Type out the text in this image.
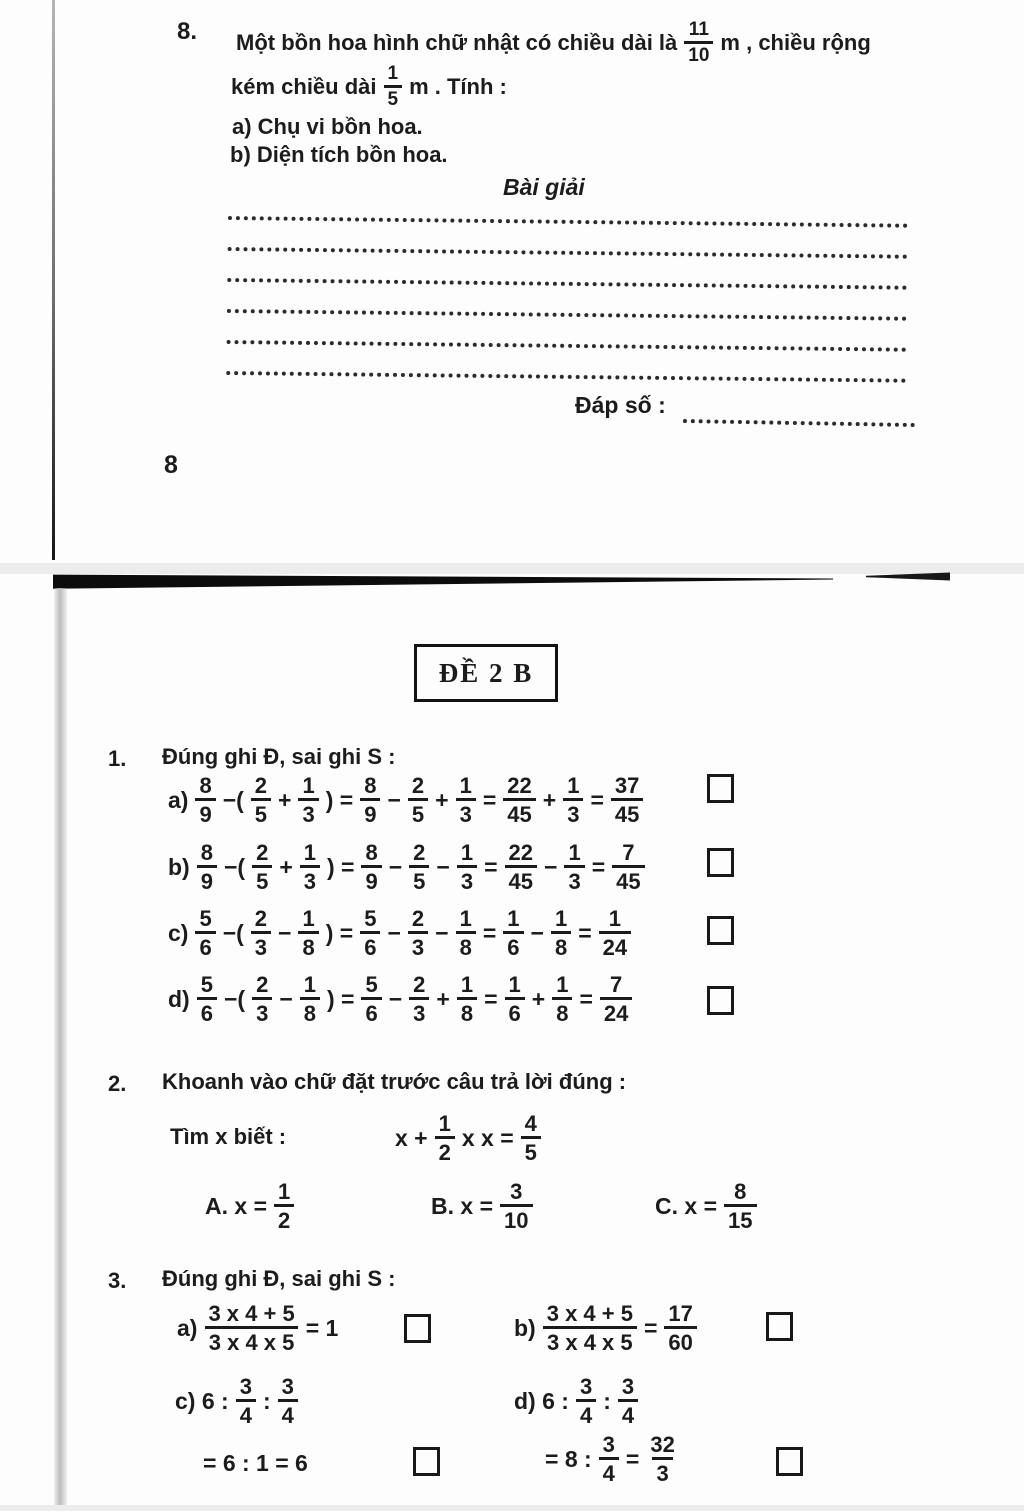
8. Một bồn hoa hình chữ nhật có chiều dài là $\frac{11}{10}$ m , chiều rộng
kém chiều dài $\frac{1}{5}$ m . Tính :
a) Chụ vi bồn hoa.
b) Diện tích bồn hoa.
Bài giải
Đáp số :
8
ĐỀ 2 B
1. Đúng ghi Đ, sai ghi S :
$a) \frac{8}{9}$ −( $\frac{2}{5} + \frac{1}{3}$ ) = $\frac{8}{9} - \frac{2}{5} + \frac{1}{3} = \frac{22}{45} + \frac{1}{3} = \frac{37}{45}$
$b) \frac{8}{9}$ −( $\frac{2}{5} + \frac{1}{3}$ ) = $\frac{8}{9} - \frac{2}{5} - \frac{1}{3} = \frac{22}{45} - \frac{1}{3} = \frac{7}{45}$
$c) \frac{5}{6}$ −( $\frac{2}{3} - \frac{1}{8}$ ) = $\frac{5}{6} - \frac{2}{3} - \frac{1}{8} = \frac{1}{6} - \frac{1}{8} = \frac{1}{24}$
$d) \frac{5}{6}$ −( $\frac{2}{3} - \frac{1}{8}$ ) = $\frac{5}{6} - \frac{2}{3} + \frac{1}{8} = \frac{1}{6} + \frac{1}{8} = \frac{7}{24}$
2. Khoanh vào chữ đặt trước câu trả lời đúng :
Tìm x biết :	$x + \frac{1}{2}$ x $x = \frac{4}{5}$
A. $x = \frac{1}{2}$	B. $x = \frac{3}{10}$	C. $x = \frac{8}{15}$
3. Đúng ghi Đ, sai ghi S :
$a) \frac{3 x 4 + 5}{3 x 4 x 5} = 1$	$b) \frac{3 x 4 + 5}{3 x 4 x 5} = \frac{17}{60}$
c) 6 : $\frac{3}{4}$ : $\frac{3}{4}$	d) 6 : $\frac{3}{4}$ : $\frac{3}{4}$
= 6 : 1 = 6	= 8 : $\frac{3}{4} = \frac{32}{3}$
